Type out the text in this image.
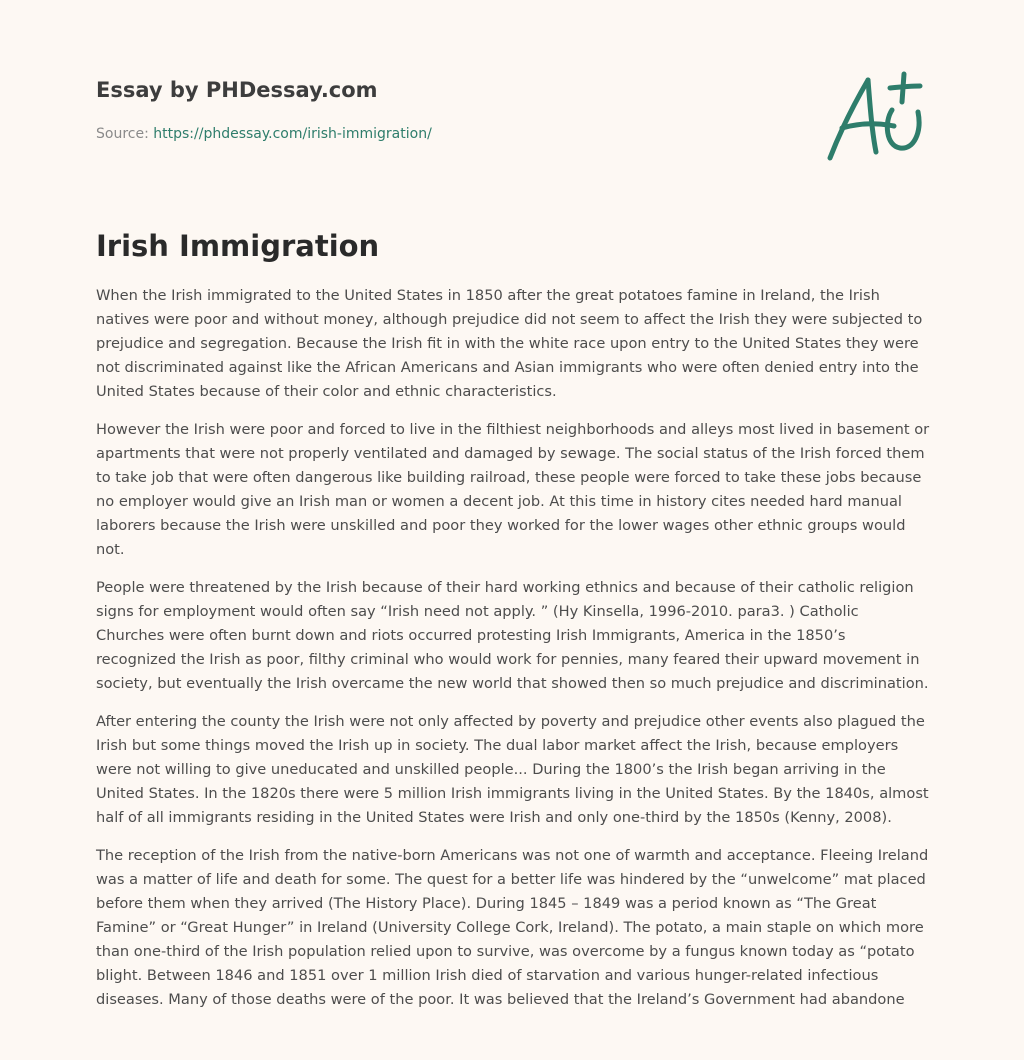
Essay by PHDessay.com
Source: https://phdessay.com/irish-immigration/
Irish Immigration

When the Irish immigrated to the United States in 1850 after the great potatoes famine in Ireland, the Irish natives were poor and without money, although prejudice did not seem to affect the Irish they were subjected to prejudice and segregation. Because the Irish fit in with the white race upon entry to the United States they were not discriminated against like the African Americans and Asian immigrants who were often denied entry into the United States because of their color and ethnic characteristics.

However the Irish were poor and forced to live in the filthiest neighborhoods and alleys most lived in basement or apartments that were not properly ventilated and damaged by sewage. The social status of the Irish forced them to take job that were often dangerous like building railroad, these people were forced to take these jobs because no employer would give an Irish man or women a decent job. At this time in history cites needed hard manual laborers because the Irish were unskilled and poor they worked for the lower wages other ethnic groups would not.

People were threatened by the Irish because of their hard working ethnics and because of their catholic religion signs for employment would often say “Irish need not apply. ” (Hy Kinsella, 1996-2010. para3. ) Catholic Churches were often burnt down and riots occurred protesting Irish Immigrants, America in the 1850’s recognized the Irish as poor, filthy criminal who would work for pennies, many feared their upward movement in society, but eventually the Irish overcame the new world that showed then so much prejudice and discrimination.

After entering the county the Irish were not only affected by poverty and prejudice other events also plagued the Irish but some things moved the Irish up in society. The dual labor market affect the Irish, because employers were not willing to give uneducated and unskilled people... During the 1800’s the Irish began arriving in the United States. In the 1820s there were 5 million Irish immigrants living in the United States. By the 1840s, almost half of all immigrants residing in the United States were Irish and only one-third by the 1850s (Kenny, 2008).

The reception of the Irish from the native-born Americans was not one of warmth and acceptance. Fleeing Ireland was a matter of life and death for some. The quest for a better life was hindered by the “unwelcome” mat placed before them when they arrived (The History Place). During 1845 – 1849 was a period known as “The Great Famine” or “Great Hunger” in Ireland (University College Cork, Ireland). The potato, a main staple on which more than one-third of the Irish population relied upon to survive, was overcome by a fungus known today as “potato blight. Between 1846 and 1851 over 1 million Irish died of starvation and various hunger-related infectious diseases. Many of those deaths were of the poor. It was believed that the Ireland’s Government had abandone
